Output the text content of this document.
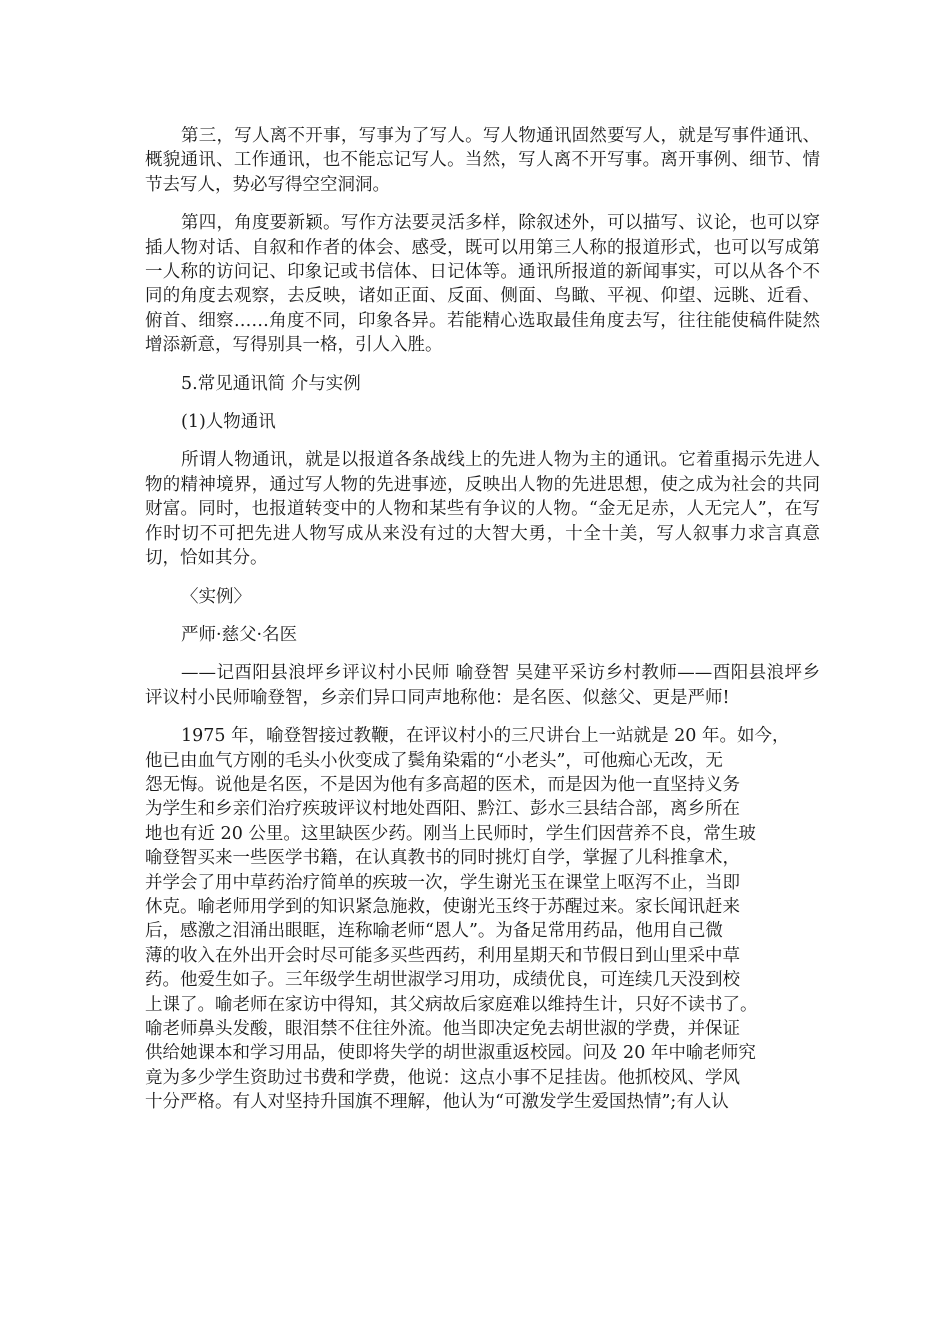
第三，写人离不开事，写事为了写人。写人物通讯固然要写人，就是写事件通讯、概貌通讯、工作通讯，也不能忘记写人。当然，写人离不开写事。离开事例、细节、情节去写人，势必写得空空洞洞。

第四，角度要新颖。写作方法要灵活多样，除叙述外，可以描写、议论，也可以穿插人物对话、自叙和作者的体会、感受，既可以用第三人称的报道形式，也可以写成第一人称的访问记、印象记或书信体、日记体等。通讯所报道的新闻事实，可以从各个不同的角度去观察，去反映，诸如正面、反面、侧面、鸟瞰、平视、仰望、远眺、近看、俯首、细察……角度不同，印象各异。若能精心选取最佳角度去写，往往能使稿件陡然增添新意，写得别具一格，引人入胜。

5.常见通讯简 介与实例

(1)人物通讯

所谓人物通讯，就是以报道各条战线上的先进人物为主的通讯。它着重揭示先进人物的精神境界，通过写人物的先进事迹，反映出人物的先进思想，使之成为社会的共同财富。同时，也报道转变中的人物和某些有争议的人物。“金无足赤，人无完人”，在写作时切不可把先进人物写成从来没有过的大智大勇，十全十美，写人叙事力求言真意切，恰如其分。

〈实例〉

严师·慈父·名医

——记酉阳县浪坪乡评议村小民师 喻登智 吴建平采访乡村教师——酉阳县浪坪乡评议村小民师喻登智，乡亲们异口同声地称他：是名医、似慈父、更是严师!

1975 年，喻登智接过教鞭，在评议村小的三尺讲台上一站就是 20 年。如今，
他已由血气方刚的毛头小伙变成了鬓角染霜的“小老头”，可他痴心无改，无
怨无悔。说他是名医，不是因为他有多高超的医术，而是因为他一直坚持义务
为学生和乡亲们治疗疾玻评议村地处酉阳、黔江、彭水三县结合部，离乡所在
地也有近 20 公里。这里缺医少药。刚当上民师时，学生们因营养不良，常生玻
喻登智买来一些医学书籍，在认真教书的同时挑灯自学，掌握了儿科推拿术，
并学会了用中草药治疗简单的疾玻一次，学生谢光玉在课堂上呕泻不止，当即
休克。喻老师用学到的知识紧急施救，使谢光玉终于苏醒过来。家长闻讯赶来
后，感激之泪涌出眼眶，连称喻老师“恩人”。为备足常用药品，他用自己微
薄的收入在外出开会时尽可能多买些西药，利用星期天和节假日到山里采中草
药。他爱生如子。三年级学生胡世淑学习用功，成绩优良，可连续几天没到校
上课了。喻老师在家访中得知，其父病故后家庭难以维持生计，只好不读书了。
喻老师鼻头发酸，眼泪禁不住往外流。他当即决定免去胡世淑的学费，并保证
供给她课本和学习用品，使即将失学的胡世淑重返校园。问及 20 年中喻老师究
竟为多少学生资助过书费和学费，他说：这点小事不足挂齿。他抓校风、学风
十分严格。有人对坚持升国旗不理解，他认为“可激发学生爱国热情”;有人认
